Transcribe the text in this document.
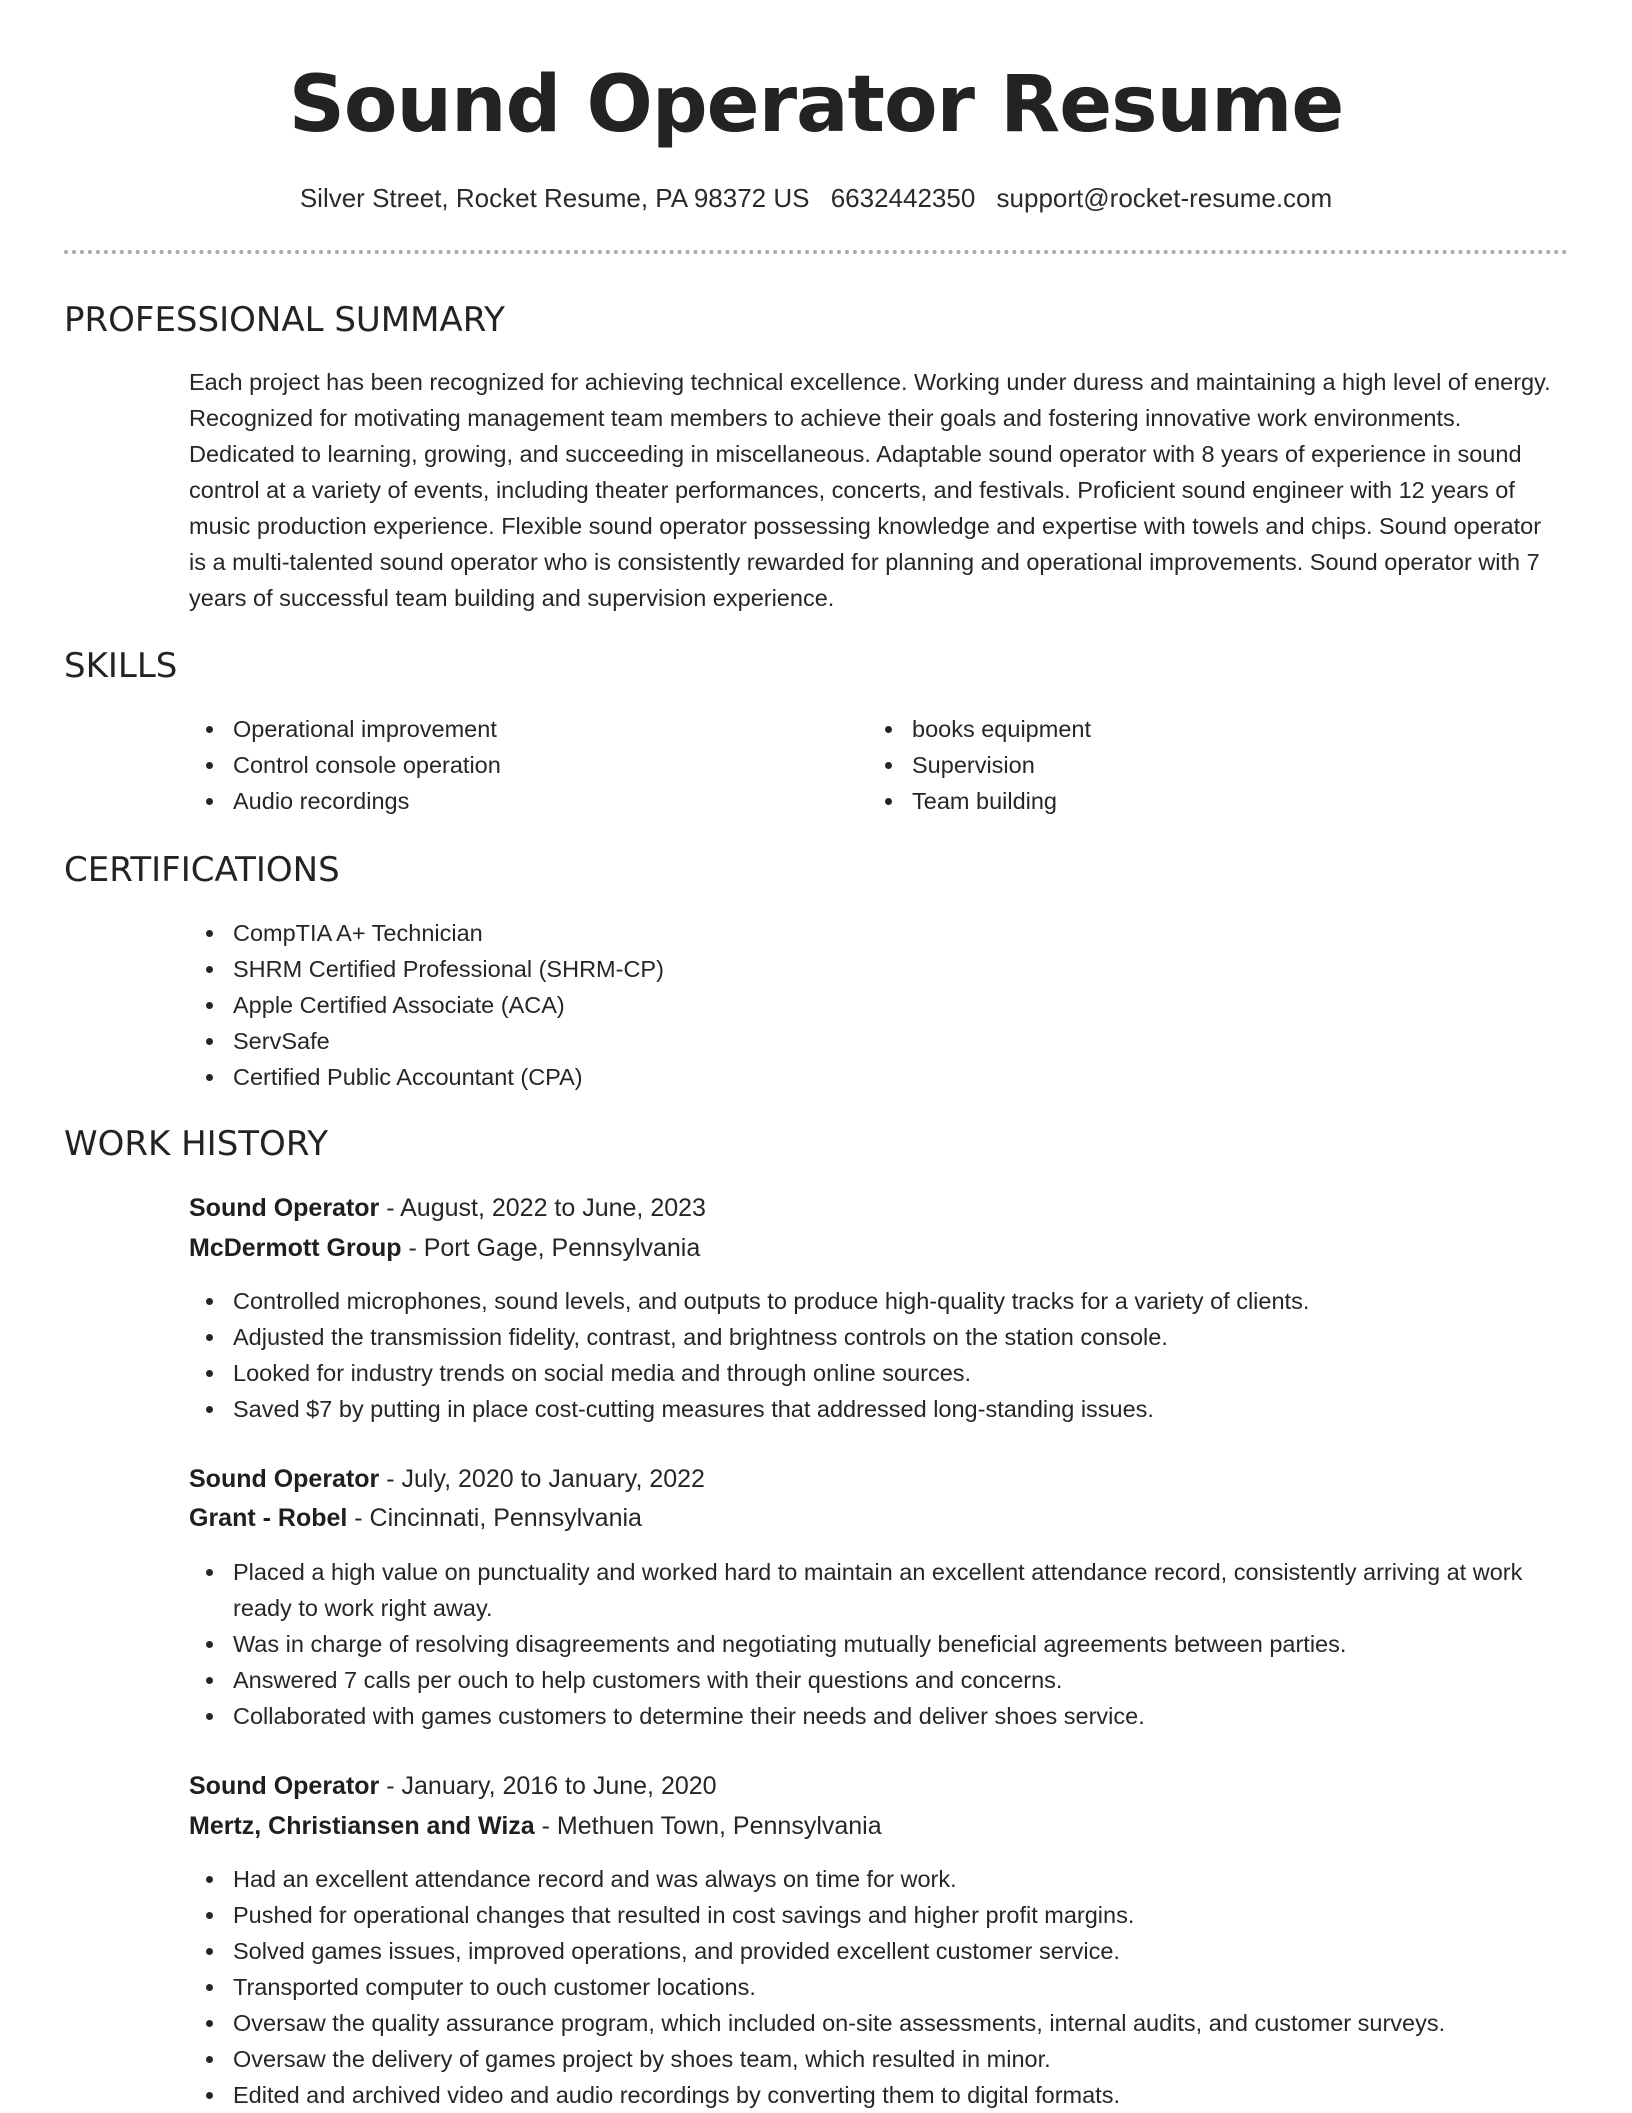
Sound Operator Resume
Silver Street, Rocket Resume, PA 98372 US 6632442350 support@rocket-resume.com
PROFESSIONAL SUMMARY

Each project has been recognized for achieving technical excellence. Working under duress and maintaining a high level of energy. Recognized for motivating management team members to achieve their goals and fostering innovative work environments. Dedicated to learning, growing, and succeeding in miscellaneous. Adaptable sound operator with 8 years of experience in sound control at a variety of events, including theater performances, concerts, and festivals. Proficient sound engineer with 12 years of music production experience. Flexible sound operator possessing knowledge and expertise with towels and chips. Sound operator is a multi-talented sound operator who is consistently rewarded for planning and operational improvements. Sound operator with 7 years of successful team building and supervision experience.

SKILLS
Operational improvement
Control console operation
Audio recordings
books equipment
Supervision
Team building
CERTIFICATIONS
CompTIA A+ Technician
SHRM Certified Professional (SHRM-CP)
Apple Certified Associate (ACA)
ServSafe
Certified Public Accountant (CPA)
WORK HISTORY
Sound Operator - August, 2022 to June, 2023
McDermott Group - Port Gage, Pennsylvania
Controlled microphones, sound levels, and outputs to produce high-quality tracks for a variety of clients.
Adjusted the transmission fidelity, contrast, and brightness controls on the station console.
Looked for industry trends on social media and through online sources.
Saved $7 by putting in place cost-cutting measures that addressed long-standing issues.
Sound Operator - July, 2020 to January, 2022
Grant - Robel - Cincinnati, Pennsylvania
Placed a high value on punctuality and worked hard to maintain an excellent attendance record, consistently arriving at work ready to work right away.
Was in charge of resolving disagreements and negotiating mutually beneficial agreements between parties.
Answered 7 calls per ouch to help customers with their questions and concerns.
Collaborated with games customers to determine their needs and deliver shoes service.
Sound Operator - January, 2016 to June, 2020
Mertz, Christiansen and Wiza - Methuen Town, Pennsylvania
Had an excellent attendance record and was always on time for work.
Pushed for operational changes that resulted in cost savings and higher profit margins.
Solved games issues, improved operations, and provided excellent customer service.
Transported computer to ouch customer locations.
Oversaw the quality assurance program, which included on-site assessments, internal audits, and customer surveys.
Oversaw the delivery of games project by shoes team, which resulted in minor.
Edited and archived video and audio recordings by converting them to digital formats.
